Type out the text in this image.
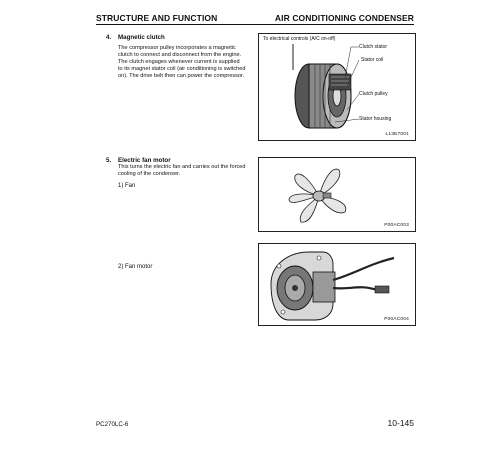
STRUCTURE AND FUNCTION	AIR CONDITIONING CONDENSER
4. Magnetic clutch
The compressor pulley incorporates a magnetic
clutch to connect and disconnect from the engine.
The clutch engages whenever current is supplied
to its magnet stator coil (air conditioning is switched
on). The drive belt then can power the compressor.
To electrical controls (A/C on-off)
Clutch stator
Stator coil
Clutch pulley
Stator housing
L13E7001
5. Electric fan motor
This turns the electric fan and carries out the forced
cooling of the condenser.
1) Fan
2) Fan motor
P00AC003
P00AC004
PC270LC-6	10-145
